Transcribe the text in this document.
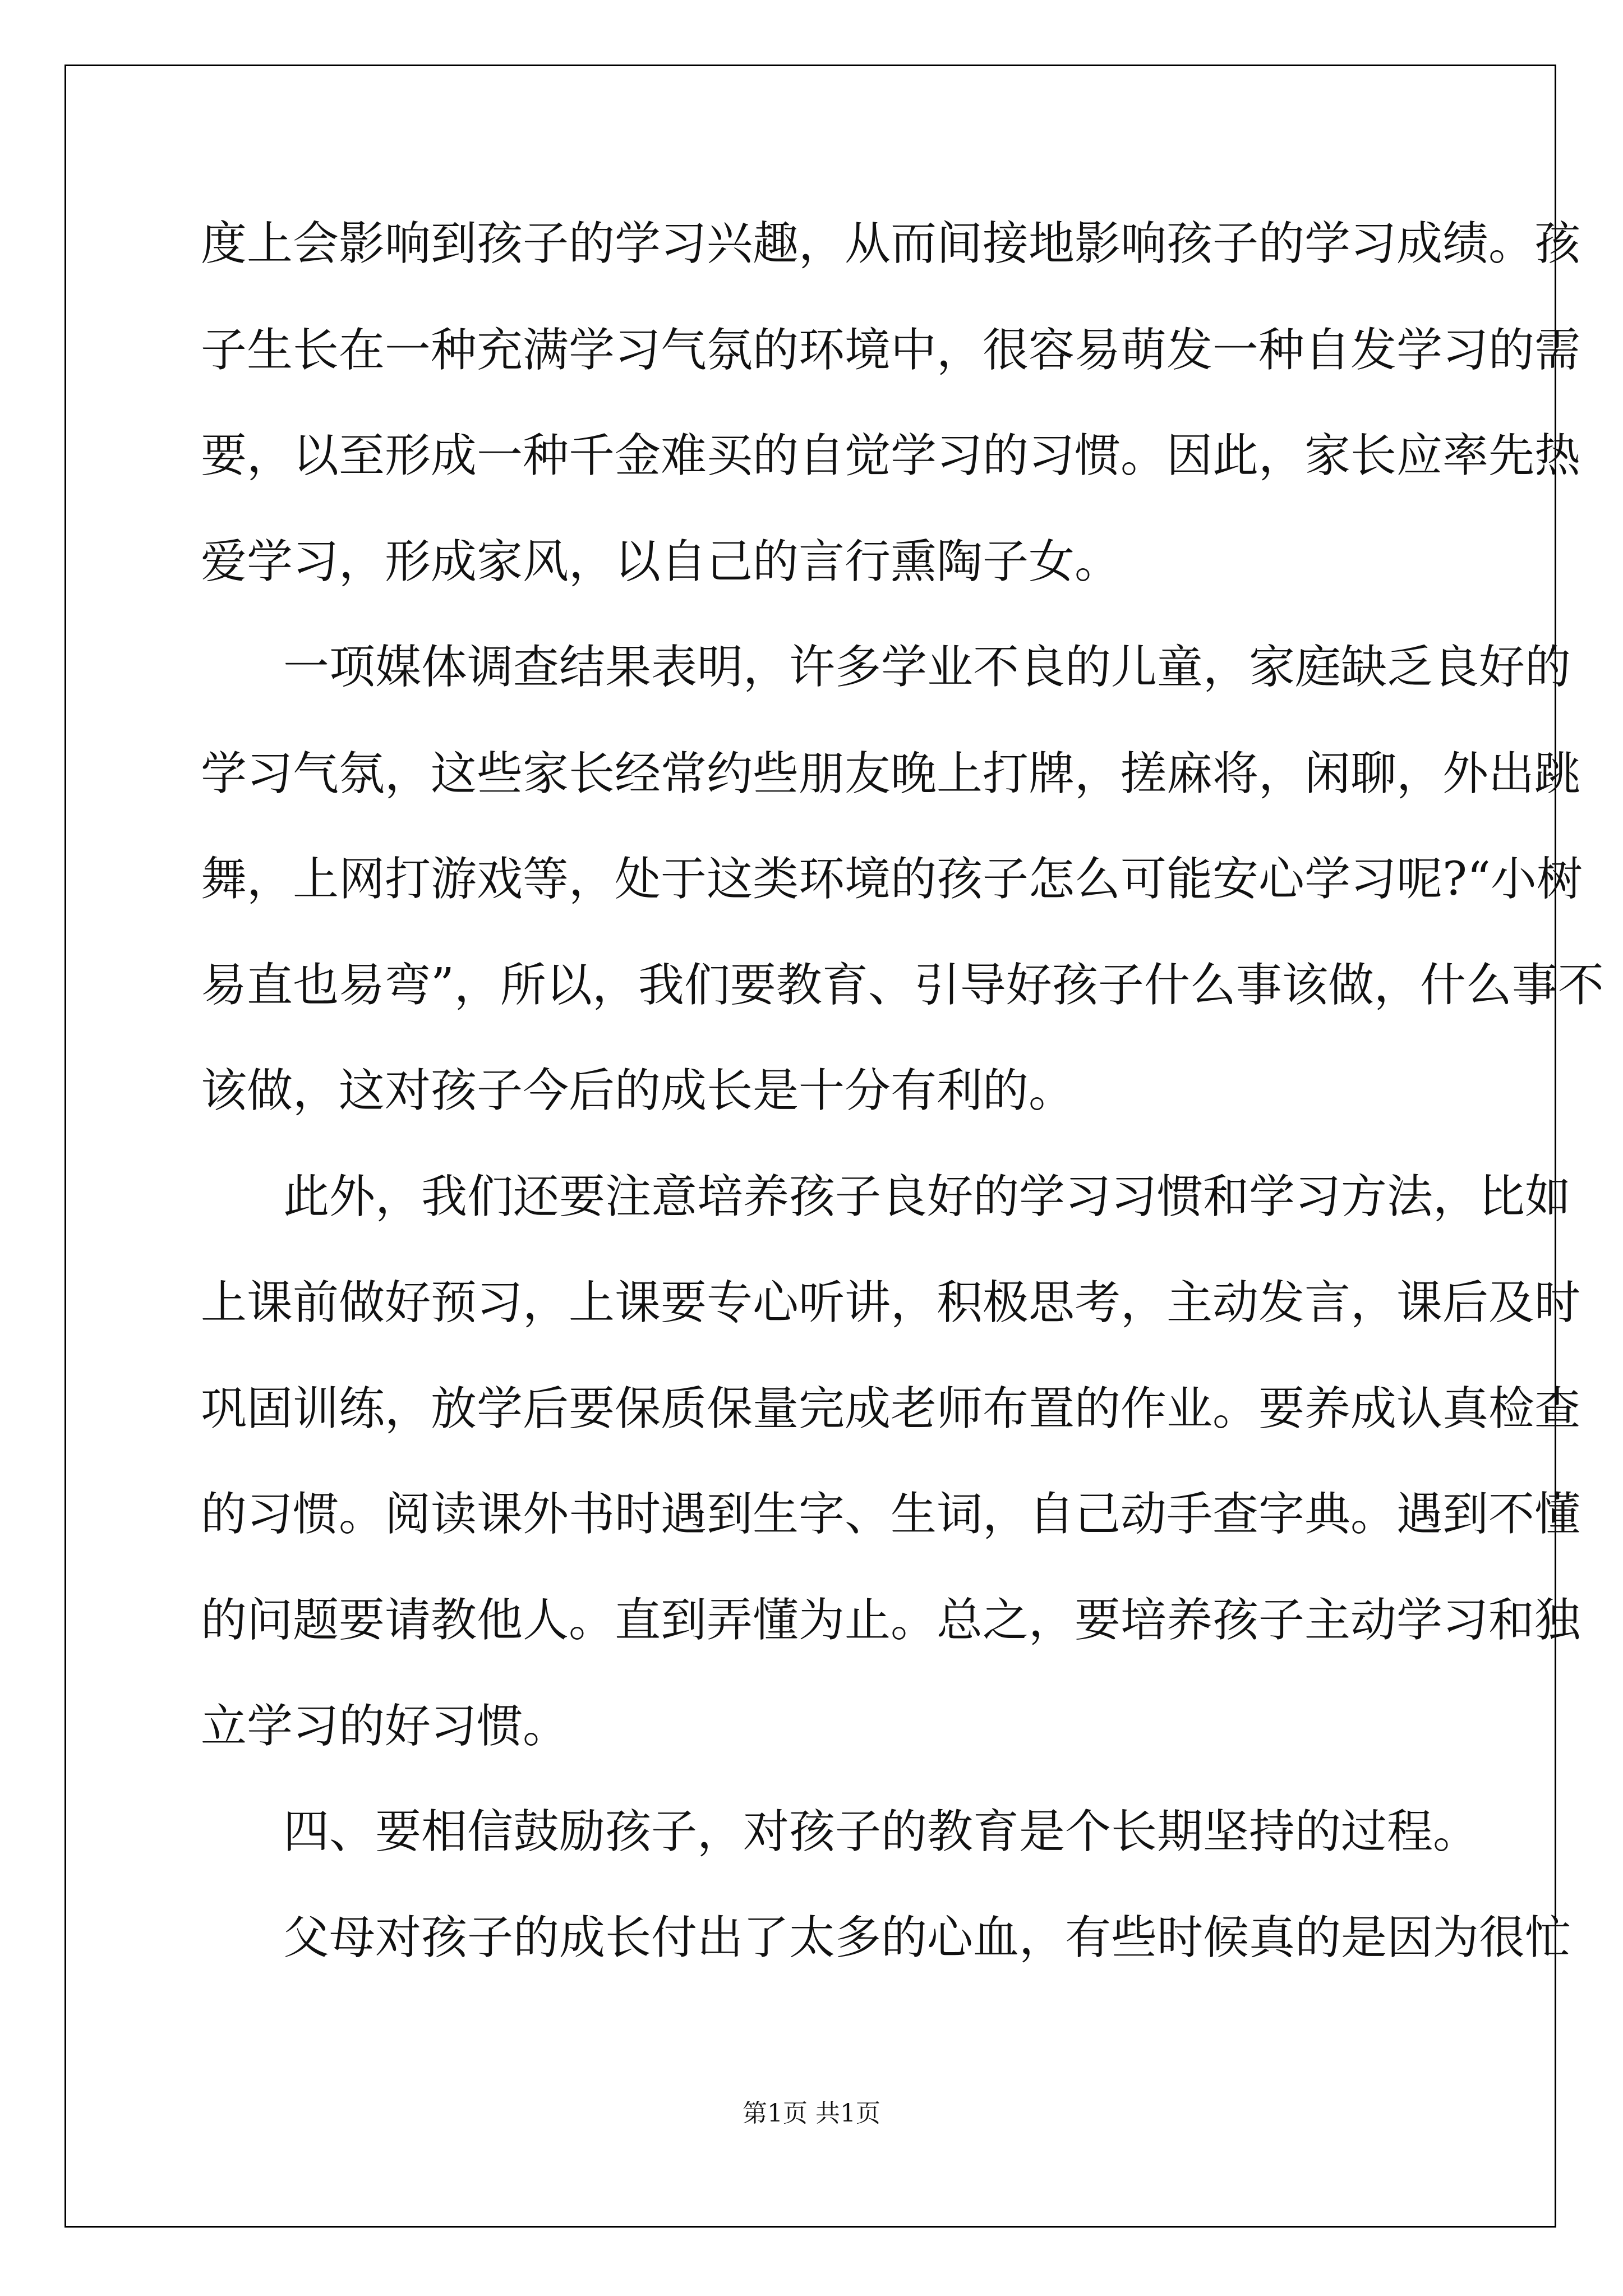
度上会影响到孩子的学习兴趣，从而间接地影响孩子的学习成绩。孩
子生长在一种充满学习气氛的环境中，很容易萌发一种自发学习的需
要，以至形成一种千金难买的自觉学习的习惯。因此，家长应率先热
爱学习，形成家风，以自己的言行熏陶子女。
一项媒体调查结果表明，许多学业不良的儿童，家庭缺乏良好的
学习气氛，这些家长经常约些朋友晚上打牌，搓麻将，闲聊，外出跳
舞，上网打游戏等，处于这类环境的孩子怎么可能安心学习呢?“小树
易直也易弯”，所以，我们要教育、引导好孩子什么事该做，什么事不
该做，这对孩子今后的成长是十分有利的。
此外，我们还要注意培养孩子良好的学习习惯和学习方法，比如
上课前做好预习，上课要专心听讲，积极思考，主动发言，课后及时
巩固训练，放学后要保质保量完成老师布置的作业。要养成认真检查
的习惯。阅读课外书时遇到生字、生词，自己动手查字典。遇到不懂
的问题要请教他人。直到弄懂为止。总之，要培养孩子主动学习和独
立学习的好习惯。
四、要相信鼓励孩子，对孩子的教育是个长期坚持的过程。
父母对孩子的成长付出了太多的心血，有些时候真的是因为很忙
第1页 共1页
